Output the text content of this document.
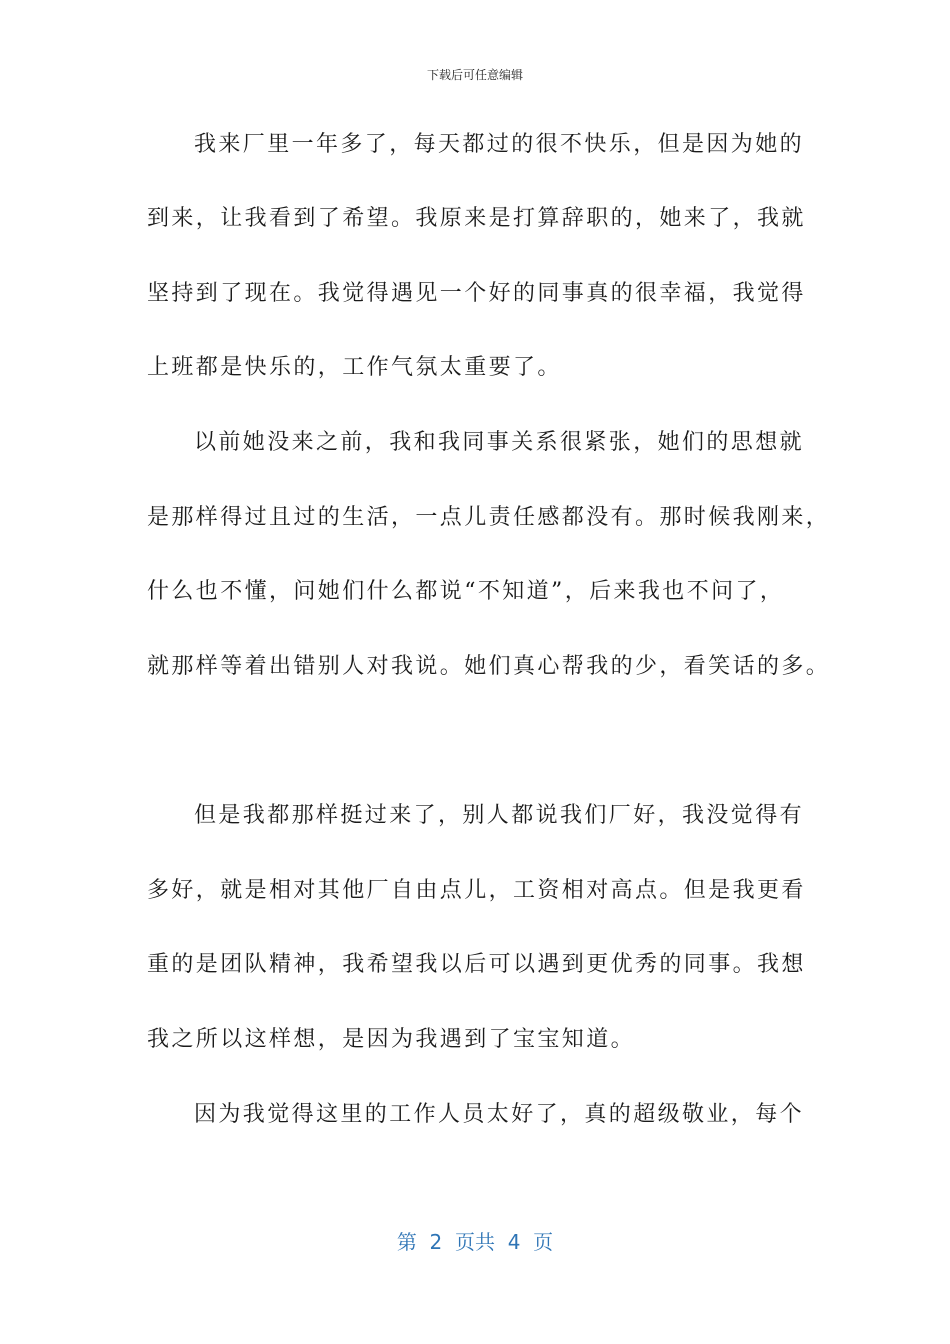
下载后可任意编辑
我来厂里一年多了，每天都过的很不快乐，但是因为她的
到来，让我看到了希望。我原来是打算辞职的，她来了，我就
坚持到了现在。我觉得遇见一个好的同事真的很幸福，我觉得
上班都是快乐的，工作气氛太重要了。
以前她没来之前，我和我同事关系很紧张，她们的思想就
是那样得过且过的生活，一点儿责任感都没有。那时候我刚来，
什么也不懂，问她们什么都说“不知道”，后来我也不问了，
就那样等着出错别人对我说。她们真心帮我的少，看笑话的多。
但是我都那样挺过来了，别人都说我们厂好，我没觉得有
多好，就是相对其他厂自由点儿，工资相对高点。但是我更看
重的是团队精神，我希望我以后可以遇到更优秀的同事。我想
我之所以这样想，是因为我遇到了宝宝知道。
因为我觉得这里的工作人员太好了，真的超级敬业，每个
第  2  页共  4  页
